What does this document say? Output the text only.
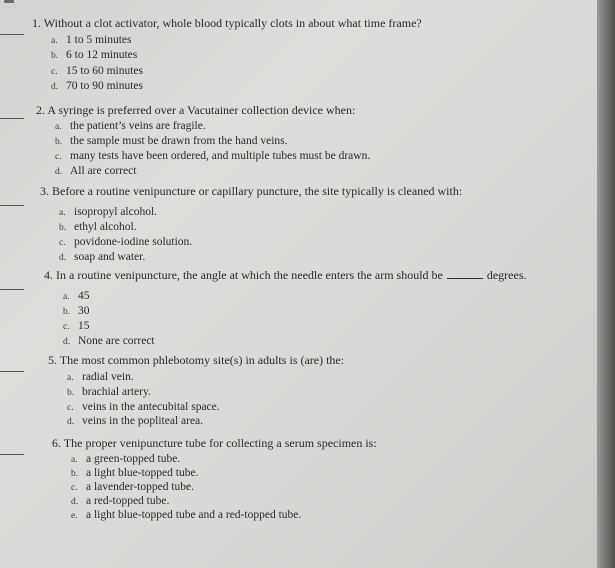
1. Without a clot activator, whole blood typically clots in about what time frame?
a. 1 to 5 minutes
b. 6 to 12 minutes
c. 15 to 60 minutes
d. 70 to 90 minutes
2. A syringe is preferred over a Vacutainer collection device when:
a. the patient’s veins are fragile.
b. the sample must be drawn from the hand veins.
c. many tests have been ordered, and multiple tubes must be drawn.
d. All are correct
3. Before a routine venipuncture or capillary puncture, the site typically is cleaned with:
a. isopropyl alcohol.
b. ethyl alcohol.
c. povidone-iodine solution.
d. soap and water.
4. In a routine venipuncture, the angle at which the needle enters the arm should be	degrees.
a. 45
b. 30
c. 15
d. None are correct
5. The most common phlebotomy site(s) in adults is (are) the:
a. radial vein.
b. brachial artery.
c. veins in the antecubital space.
d. veins in the popliteal area.
6. The proper venipuncture tube for collecting a serum specimen is:
a. a green-topped tube.
b. a light blue-topped tube.
c. a lavender-topped tube.
d. a red-topped tube.
e. a light blue-topped tube and a red-topped tube.
